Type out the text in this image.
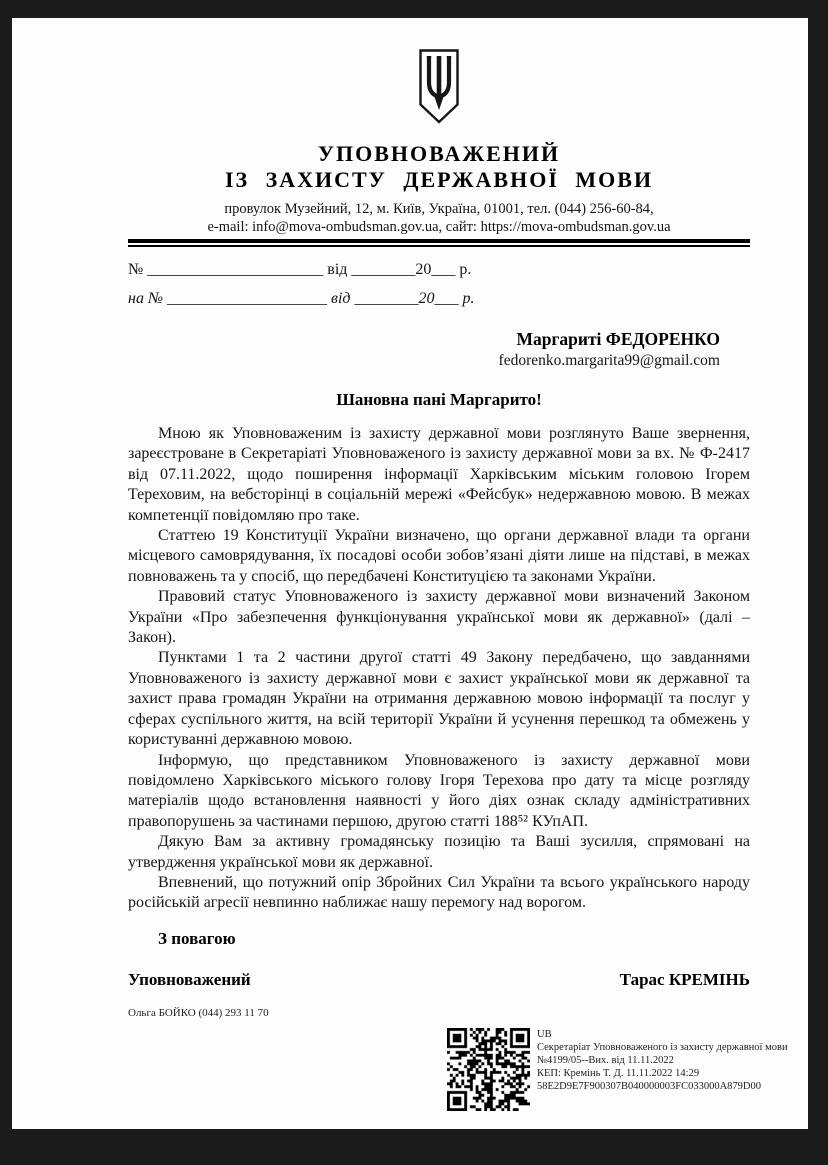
УПОВНОВАЖЕНИЙ
ІЗ ЗАХИСТУ ДЕРЖАВНОЇ МОВИ
провулок Музейний, 12, м. Київ, Україна, 01001, тел. (044) 256-60-84,
e-mail: info@mova-ombudsman.gov.ua, сайт: https://mova-ombudsman.gov.ua
№ ______________________ від ________20___ р.
на № ____________________ від ________20___ р.
Маргариті ФЕДОРЕНКО
fedorenko.margarita99@gmail.com
Шановна пані Маргарито!

Мною як Уповноваженим із захисту державної мови розглянуто Ваше звернення, зареєстроване в Секретаріаті Уповноваженого із захисту державної мови за вх. № Ф-2417 від 07.11.2022, щодо поширення інформації Харківським міським головою Ігорем Тереховим, на вебсторінці в соціальній мережі «Фейсбук» недержавною мовою. В межах компетенції повідомляю про таке.

Статтею 19 Конституції України визначено, що органи державної влади та органи місцевого самоврядування, їх посадові особи зобов’язані діяти лише на підставі, в межах повноважень та у спосіб, що передбачені Конституцією та законами України.

Правовий статус Уповноваженого із захисту державної мови визначений Законом України «Про забезпечення функціонування української мови як державної» (далі – Закон).

Пунктами 1 та 2 частини другої статті 49 Закону передбачено, що завданнями Уповноваженого із захисту державної мови є захист української мови як державної та захист права громадян України на отримання державною мовою інформації та послуг у сферах суспільного життя, на всій території України й усунення перешкод та обмежень у користуванні державною мовою.

Інформую, що представником Уповноваженого із захисту державної мови повідомлено Харківського міського голову Ігоря Терехова про дату та місце розгляду матеріалів щодо встановлення наявності у його діях ознак складу адміністративних правопорушень за частинами першою, другою статті 188⁵² КУпАП.

Дякую Вам за активну громадянську позицію та Ваші зусилля, спрямовані на утвердження української мови як державної.

Впевнений, що потужний опір Збройних Сил України та всього українського народу російській агресії невпинно наближає нашу перемогу над ворогом.

З повагою
Уповноважений	Тарас КРЕМІНЬ
Ольга БОЙКО (044) 293 11 70
UB
Секретаріат Уповноваженого із захисту державної мови
№4199/05--Вих. від 11.11.2022
КЕП: Кремінь Т. Д. 11.11.2022 14:29
58E2D9E7F900307B040000003FC033000A879D00
